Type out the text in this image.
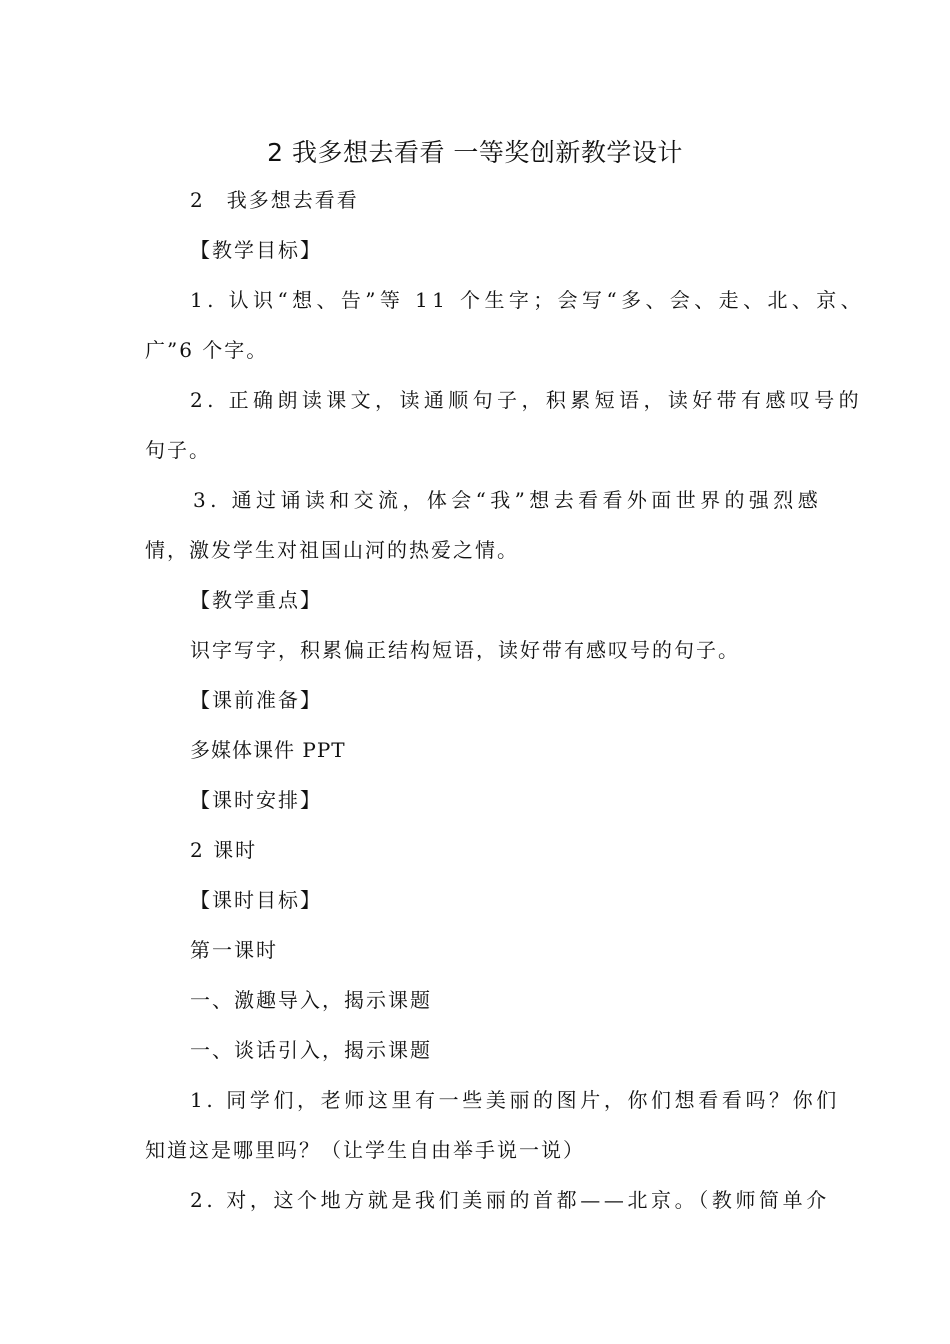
2 我多想去看看 一等奖创新教学设计
2　我多想去看看
【教学目标】
1. 认识“想、告”等 11 个生字；会写“多、会、走、北、京、
广”6 个字。
2. 正确朗读课文，读通顺句子，积累短语，读好带有感叹号的
句子。
3. 通过诵读和交流，体会“我”想去看看外面世界的强烈感
情，激发学生对祖国山河的热爱之情。
【教学重点】
识字写字，积累偏正结构短语，读好带有感叹号的句子。
【课前准备】
多媒体课件 PPT
【课时安排】
2 课时
【课时目标】
第一课时
一、激趣导入，揭示课题
一、谈话引入，揭示课题
1. 同学们，老师这里有一些美丽的图片，你们想看看吗？你们
知道这是哪里吗？（让学生自由举手说一说）
2. 对，这个地方就是我们美丽的首都——北京。（教师简单介
